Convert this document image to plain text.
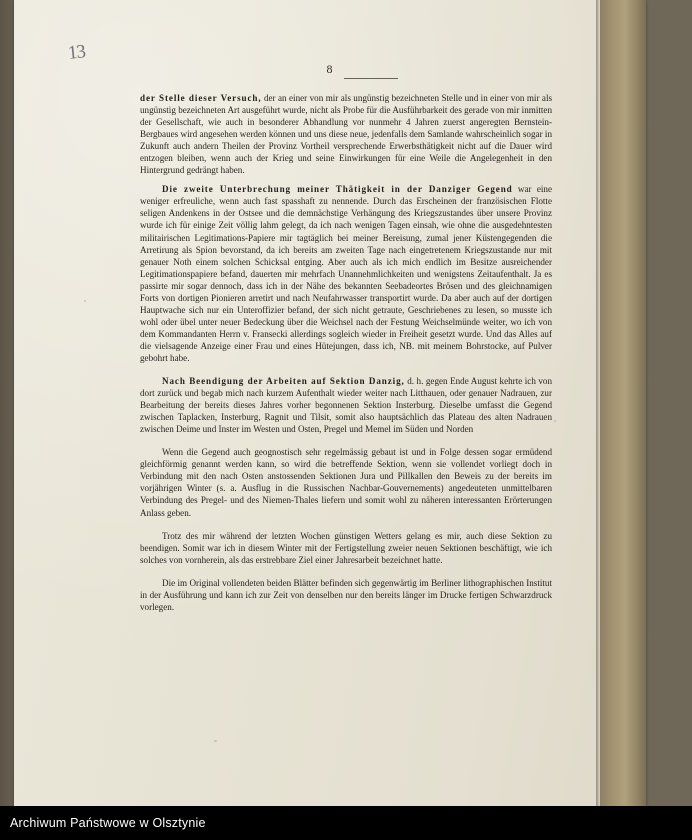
13
8

der Stelle dieser Versuch, der an einer von mir als ungünstig bezeichneten Stelle und in einer von mir als ungünstig bezeichneten Art ausgeführt wurde, nicht als Probe für die Ausführbarkeit des gerade von mir inmitten der Gesellschaft, wie auch in besonderer Abhandlung vor nunmehr 4 Jahren zuerst angeregten Bernstein-Bergbaues wird angesehen werden können und uns diese neue, jedenfalls dem Samlande wahrscheinlich sogar in Zukunft auch andern Theilen der Provinz Vortheil versprechende Erwerbsthätigkeit nicht auf die Dauer wird entzogen bleiben, wenn auch der Krieg und seine Einwirkungen für eine Weile die Angelegenheit in den Hintergrund gedrängt haben.

Die zweite Unterbrechung meiner Thätigkeit in der Danziger Gegend war eine weniger erfreuliche, wenn auch fast spasshaft zu nennende. Durch das Erscheinen der französischen Flotte seligen Andenkens in der Ostsee und die demnächstige Verhängung des Kriegszustandes über unsere Provinz wurde ich für einige Zeit völlig lahm gelegt, da ich nach wenigen Tagen einsah, wie ohne die ausgedehntesten militairischen Legitimations-Papiere mir tagtäglich bei meiner Bereisung, zumal jener Küstengegenden die Arretirung als Spion bevorstand, da ich bereits am zweiten Tage nach eingetretenem Kriegszustande nur mit genauer Noth einem solchen Schicksal entging. Aber auch als ich mich endlich im Besitze ausreichender Legitimationspapiere befand, dauerten mir mehrfach Unannehmlichkeiten und wenigstens Zeitaufenthalt. Ja es passirte mir sogar dennoch, dass ich in der Nähe des bekannten Seebadeortes Brösen und des gleichnamigen Forts von dortigen Pionieren arretirt und nach Neufahrwasser transportirt wurde. Da aber auch auf der dortigen Hauptwache sich nur ein Unteroffizier befand, der sich nicht getraute, Geschriebenes zu lesen, so musste ich wohl oder übel unter neuer Bedeckung über die Weichsel nach der Festung Weichselmünde weiter, wo ich von dem Kommandanten Herrn v. Fransecki allerdings sogleich wieder in Freiheit gesetzt wurde. Und das Alles auf die vielsagende Anzeige einer Frau und eines Hütejungen, dass ich, NB. mit meinem Bohrstocke, auf Pulver gebohrt habe.

Nach Beendigung der Arbeiten auf Sektion Danzig, d. h. gegen Ende August kehrte ich von dort zurück und begab mich nach kurzem Aufenthalt wieder weiter nach Litthauen, oder genauer Nadrauen, zur Bearbeitung der bereits dieses Jahres vorher begonnenen Sektion Insterburg. Dieselbe umfasst die Gegend zwischen Taplacken, Insterburg, Ragnit und Tilsit, somit also hauptsächlich das Plateau des alten Nadrauen zwischen Deime und Inster im Westen und Osten, Pregel und Memel im Süden und Norden

Wenn die Gegend auch geognostisch sehr regelmässig gebaut ist und in Folge dessen sogar ermüdend gleichförmig genannt werden kann, so wird die betreffende Sektion, wenn sie vollendet vorliegt doch in Verbindung mit den nach Osten anstossenden Sektionen Jura und Pillkallen den Beweis zu der bereits im vorjährigen Winter (s. a. Ausflug in die Russischen Nachbar-Gouvernements) angedeuteten unmittelbaren Verbindung des Pregel- und des Niemen-Thales liefern und somit wohl zu näheren interessanten Erörterungen Anlass geben.

Trotz des mir während der letzten Wochen günstigen Wetters gelang es mir, auch diese Sektion zu beendigen. Somit war ich in diesem Winter mit der Fertigstellung zweier neuen Sektionen beschäftigt, wie ich solches von vornherein, als das erstrebbare Ziel einer Jahresarbeit bezeichnet hatte.

Die im Original vollendeten beiden Blätter befinden sich gegenwärtig im Berliner lithographischen Institut in der Ausführung und kann ich zur Zeit von denselben nur den bereits länger im Drucke fertigen Schwarzdruck vorlegen.

Archiwum Państwowe w Olsztynie
